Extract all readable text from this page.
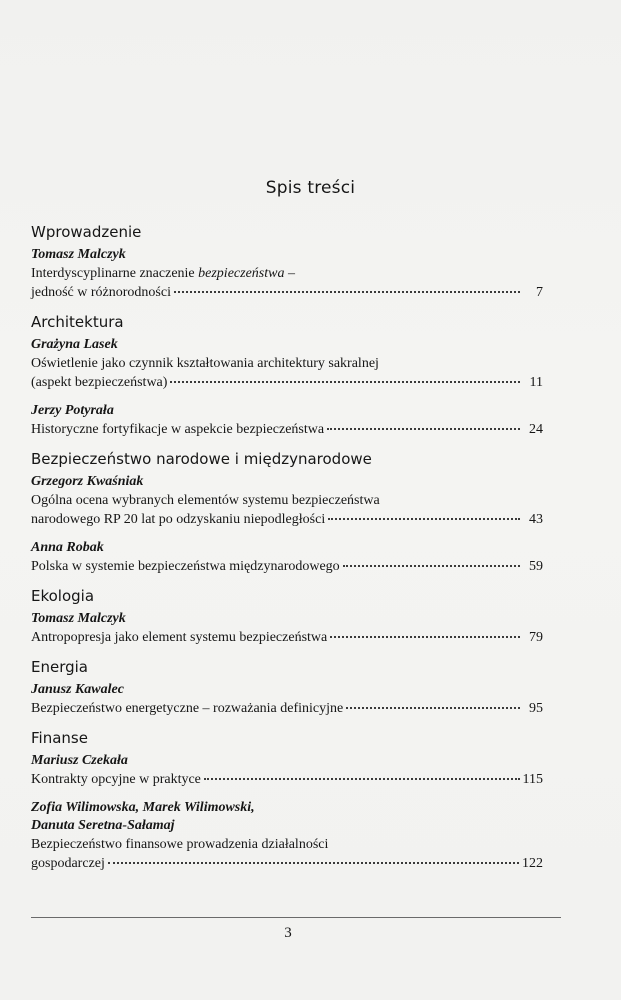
Spis treści
Wprowadzenie
Tomasz Malczyk
Interdyscyplinarne znaczenie bezpieczeństwa –
jedność w różnorodności	7
Architektura
Grażyna Lasek
Oświetlenie jako czynnik kształtowania architektury sakralnej
(aspekt bezpieczeństwa)	11
Jerzy Potyrała
Historyczne fortyfikacje w aspekcie bezpieczeństwa	24
Bezpieczeństwo narodowe i międzynarodowe
Grzegorz Kwaśniak
Ogólna ocena wybranych elementów systemu bezpieczeństwa
narodowego RP 20 lat po odzyskaniu niepodległości	43
Anna Robak
Polska w systemie bezpieczeństwa międzynarodowego	59
Ekologia
Tomasz Malczyk
Antropopresja jako element systemu bezpieczeństwa	79
Energia
Janusz Kawalec
Bezpieczeństwo energetyczne – rozważania definicyjne	95
Finanse
Mariusz Czekała
Kontrakty opcyjne w praktyce	115
Zofia Wilimowska, Marek Wilimowski,
Danuta Seretna-Sałamaj
Bezpieczeństwo finansowe prowadzenia działalności
gospodarczej	122
3
